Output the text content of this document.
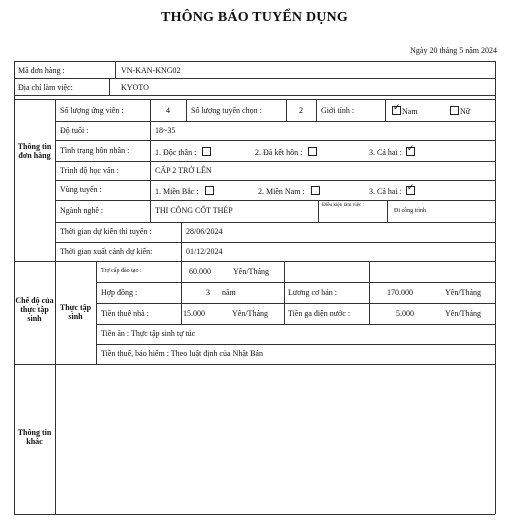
THÔNG BÁO TUYỂN DỤNG
Ngày 20 tháng 5 năm 2024
Mã đơn hàng :	VN-KAN-KNG02
Địa chỉ làm việc:	KYOTO
Thông tin đơn hàng
Số lượng ứng viên :	4	Số lượng tuyển chọn :	2	Giới tính :
✓	Nam	Nữ
Độ tuổi :	18~35
Tình trạng hôn nhân :	1. Độc thân :	2. Đã kết hôn :	3. Cả hai :✓
Trình độ học vấn :	CẤP 2 TRỞ LÊN
Vùng tuyển :	1. Miền Bắc :	2. Miền Nam :	3. Cả hai :✓
Ngành nghề :	THI CÔNG CỐT THÉP
Điều kiện làm việc :
Đi công trình
Thời gian dự kiến thi tuyển :	28/06/2024
Thời gian xuất cảnh dự kiến:	01/12/2024
Chế độ của thực tập sinh
Thực tập sinh
Trợ cấp đào tạo :	60.000	Yên/Tháng
Hợp đồng :	3 năm	Lương cơ bản :	170.000	Yên/Tháng
Tiền thuê nhà :	15.000	Yên/Tháng	Tiền ga điện nước :	5.000	Yên/Tháng
Tiền ăn : Thực tập sinh tự túc
Tiền thuế, bảo hiểm : Theo luật định của Nhật Bản
Thông tin khác
